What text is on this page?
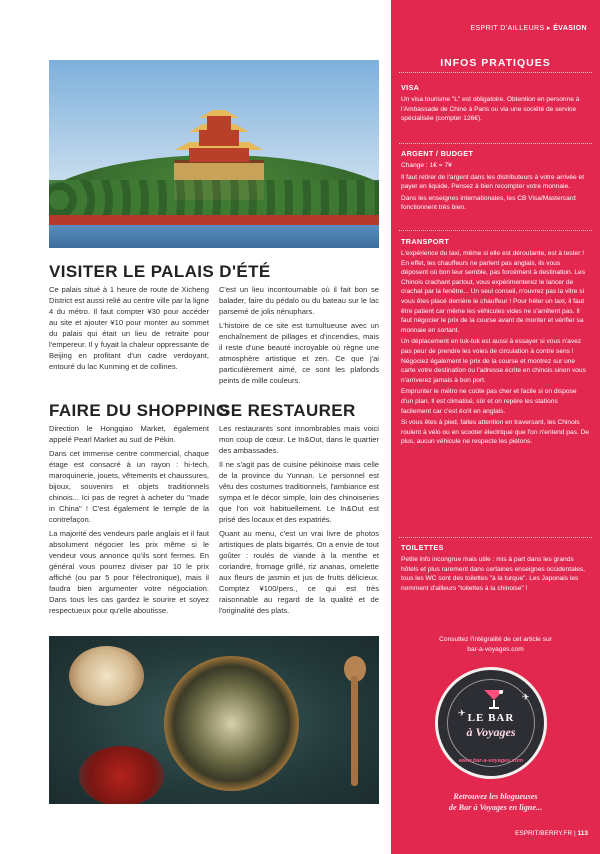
VISITER LE PALAIS D'ÉTÉ

Ce palais situé à 1 heure de route de Xicheng District est aussi relié au centre ville par la ligne 4 du métro. Il faut compter ¥30 pour accéder au site et ajouter ¥10 pour monter au sommet du palais qui était un lieu de retraite pour l'empereur. Il y fuyait la chaleur oppressante de Beijing en profitant d'un cadre verdoyant, entouré du lac Kunming et de collines.

C'est un lieu incontournable où il fait bon se balader, faire du pédalo ou du bateau sur le lac parsemé de jolis nénuphars.

L'histoire de ce site est tumultueuse avec un enchaînement de pillages et d'incendies, mais il reste d'une beauté incroyable où règne une atmosphère artistique et zen. Ce que j'ai particulièrement aimé, ce sont les plafonds peints de mille couleurs.

FAIRE DU SHOPPING
SE RESTAURER

Direction le Hongqiao Market, également appelé Pearl Market au sud de Pékin.

Dans cet immense centre commercial, chaque étage est consacré à un rayon : hi-tech, maroquinerie, jouets, vêtements et chaussures, bijoux, souvenirs et objets traditionnels chinois... Ici pas de regret à acheter du "made in China" ! C'est également le temple de la contrefaçon.

La majorité des vendeurs parle anglais et il faut absolument négocier les prix même si le vendeur vous annonce qu'ils sont fermes. En général vous pourrez diviser par 10 le prix affiché (ou par 5 pour l'électronique), mais il faudra bien argumenter votre négociation. Dans tous les cas gardez le sourire et soyez respectueux pour qu'elle aboutisse.

Les restaurants sont innombrables mais voici mon coup de cœur. Le In&Out, dans le quartier des ambassades.

Il ne s'agit pas de cuisine pékinoise mais celle de la province du Yunnan. Le personnel est vêtu des costumes traditionnels, l'ambiance est sympa et le décor simple, loin des chinoiseries que l'on voit habituellement. Le In&Out est prisé des locaux et des expatriés.

Quant au menu, c'est un vrai livre de photos artistiques de plats bigarrés. On a envie de tout goûter : roulés de viande à la menthe et coriandre, fromage grillé, riz ananas, omelette aux fleurs de jasmin et jus de fruits délicieux. Comptez ¥100/pers., ce qui est très raisonnable au regard de la qualité et de l'originalité des plats.

ESPRIT D'AILLEURS ▸ ÉVASION
INFOS PRATIQUES
VISA

Un visa tourisme "L" est obligatoire. Obtention en personne à l'Ambassade de Chine à Paris ou via une société de service spécialisée (compter 126€).

ARGENT / BUDGET

Change : 1€ = 7¥

Il faut retirer de l'argent dans les distributeurs à votre arrivée et payer en liquide. Pensez à bien recompter votre monnaie.

Dans les enseignes internationales, les CB Visa/Mastercard fonctionnent très bien.

TRANSPORT

L'expérience du taxi, même si elle est déroutante, est à tester ! En effet, les chauffeurs ne parlent pas anglais, ils vous déposent où bon leur semble, pas forcément à destination. Les Chinois crachant partout, vous expérimenterez le lancer de crachat par la fenêtre... Un seul conseil, n'ouvrez pas la vitre si vous êtes placé derrière le chauffeur ! Pour héler un taxi, il faut être patient car même les véhicules vides ne s'arrêtent pas. Il faut négocier le prix de la course avant de monter et vérifier sa monnaie en sortant.

Un déplacement en tuk-tuk est aussi à essayer si vous n'avez pas peur de prendre les voies de circulation à contre sens ! Négociez également le prix de la course et montrez sur une carte votre destination ou l'adresse écrite en chinois sinon vous n'arriverez jamais à bon port.

Emprunter le métro ne coûte pas cher et facile si on dispose d'un plan. Il est climatisé, sûr et on repère les stations facilement car c'est écrit en anglais.

Si vous êtes à pied, faites attention en traversant, les Chinois roulent à vélo ou en scooter électrique que l'on n'entend pas. De plus, aucun véhicule ne respecte les piétons.

TOILETTES

Petite info incongrue mais utile : mis à part dans les grands hôtels et plus rarement dans certaines enseignes occidentales, tous les WC sont des toilettes "à la turque". Les Japonais les nomment d'ailleurs "toilettes à la chinoise" !

Consultez l'intégralité de cet article sur
bar-a-voyages.com
✈
✈
LE BAR
à Voyages
www.bar-a-voyages.com
Retrouvez les blogueuses
de Bar à Voyages en ligne...
ESPRIT/BERRY.FR | 113
